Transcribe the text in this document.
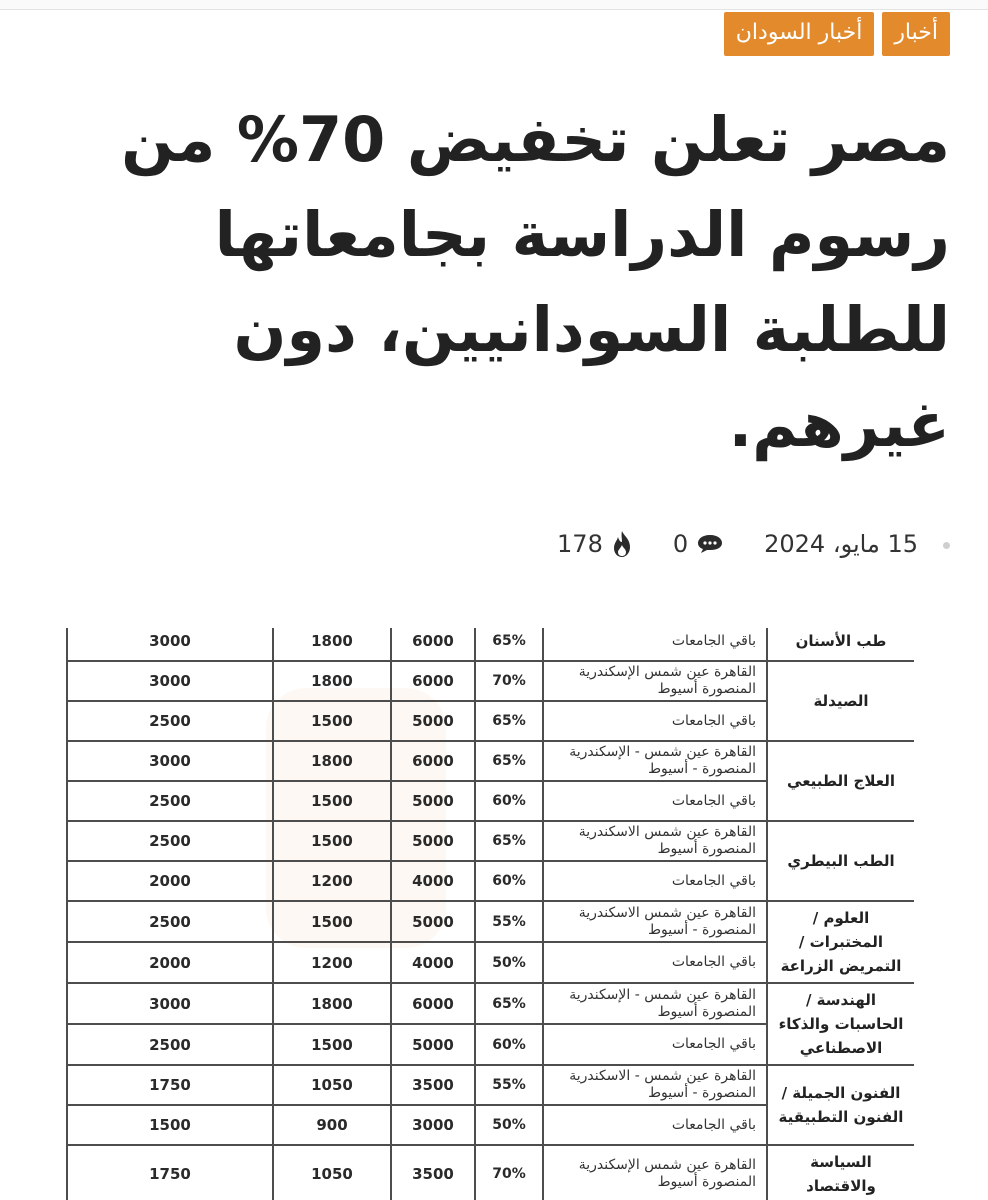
أخبار
أخبار السودان
مصر تعلن تخفيض 70% من رسوم الدراسة بجامعاتها للطلبة السودانيين، دون غيرهم.
15 مايو، 2024
0
178
3000	1800	6000	65%	باقي الجامعات	طب الأسنان
3000	1800	6000	70%	القاهرة عين شمس الإسكندرية المنصورة أسيوط	الصيدلة
2500	1500	5000	65%	باقي الجامعات	
3000	1800	6000	65%	القاهرة عين شمس - الإسكندرية المنصورة - أسيوط	العلاج الطبيعي
2500	1500	5000	60%	باقي الجامعات	
2500	1500	5000	65%	القاهرة عين شمس الاسكندرية المنصورة أسيوط	الطب البيطري
2000	1200	4000	60%	باقي الجامعات	
2500	1500	5000	55%	القاهرة عين شمس الاسكندرية المنصورة - أسيوط	العلوم / المختبرات / التمريض الزراعة
2000	1200	4000	50%	باقي الجامعات	
3000	1800	6000	65%	القاهرة عين شمس - الإسكندرية المنصورة أسيوط	الهندسة / الحاسبات والذكاء الاصطناعي
2500	1500	5000	60%	باقي الجامعات	
1750	1050	3500	55%	القاهرة عين شمس - الاسكندرية المنصورة - أسيوط	الفنون الجميلة / الفنون التطبيقية
1500	900	3000	50%	باقي الجامعات	
1750	1050	3500	70%	القاهرة عين شمس الإسكندرية المنصورة أسيوط	السياسة والاقتصاد
